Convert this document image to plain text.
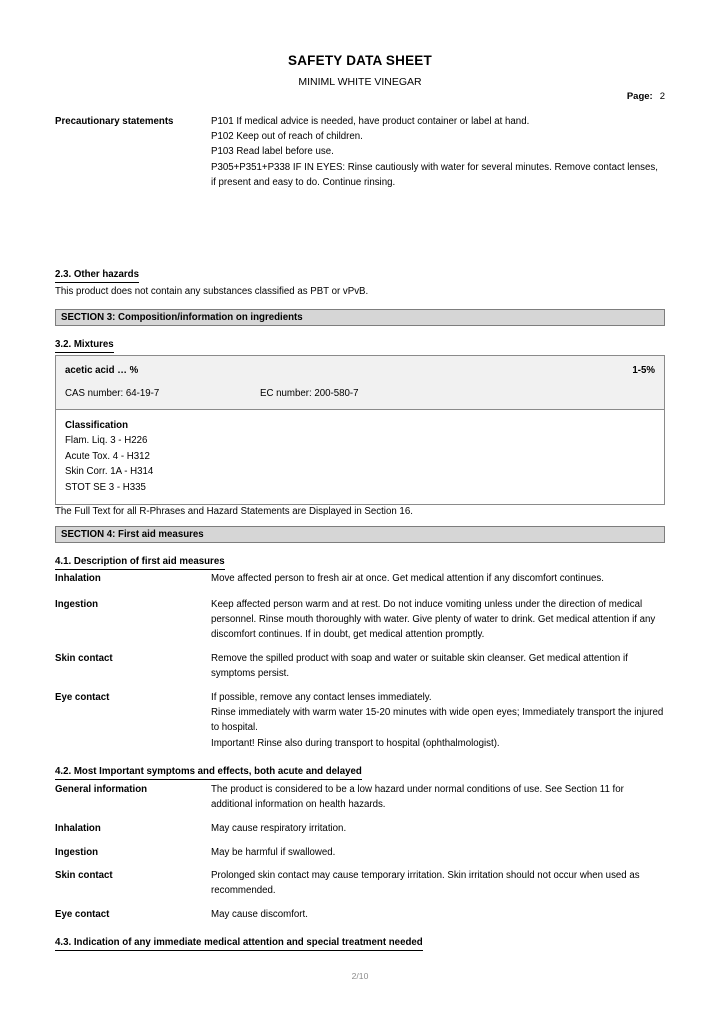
SAFETY DATA SHEET
MINIML WHITE VINEGAR
Page: 2
Precautionary statements	P101 If medical advice is needed, have product container or label at hand.

P102 Keep out of reach of children.

P103 Read label before use.

P305+P351+P338 IF IN EYES: Rinse cautiously with water for several minutes. Remove contact lenses, if present and easy to do. Continue rinsing.

2.3. Other hazards
This product does not contain any substances classified as PBT or vPvB.
SECTION 3: Composition/information on ingredients
3.2. Mixtures
acetic acid … %	1-5%
CAS number: 64-19-7	EC number: 200-580-7
Classification
Flam. Liq. 3 - H226
Acute Tox. 4 - H312
Skin Corr. 1A - H314
STOT SE 3 - H335
The Full Text for all R-Phrases and Hazard Statements are Displayed in Section 16.
SECTION 4: First aid measures
4.1. Description of first aid measures
Inhalation	Move affected person to fresh air at once. Get medical attention if any discomfort continues.

Ingestion	Keep affected person warm and at rest. Do not induce vomiting unless under the direction of medical personnel. Rinse mouth thoroughly with water. Give plenty of water to drink. Get medical attention if any discomfort continues. If in doubt, get medical attention promptly.

Skin contact	Remove the spilled product with soap and water or suitable skin cleanser. Get medical attention if symptoms persist.

Eye contact	If possible, remove any contact lenses immediately.

Rinse immediately with warm water 15-20 minutes with wide open eyes; Immediately transport the injured to hospital.

Important! Rinse also during transport to hospital (ophthalmologist).

4.2. Most Important symptoms and effects, both acute and delayed
General information	The product is considered to be a low hazard under normal conditions of use. See Section 11 for additional information on health hazards.

Inhalation	May cause respiratory irritation.

Ingestion	May be harmful if swallowed.

Skin contact	Prolonged skin contact may cause temporary irritation. Skin irritation should not occur when used as recommended.

Eye contact	May cause discomfort.

4.3. Indication of any immediate medical attention and special treatment needed
2/10
